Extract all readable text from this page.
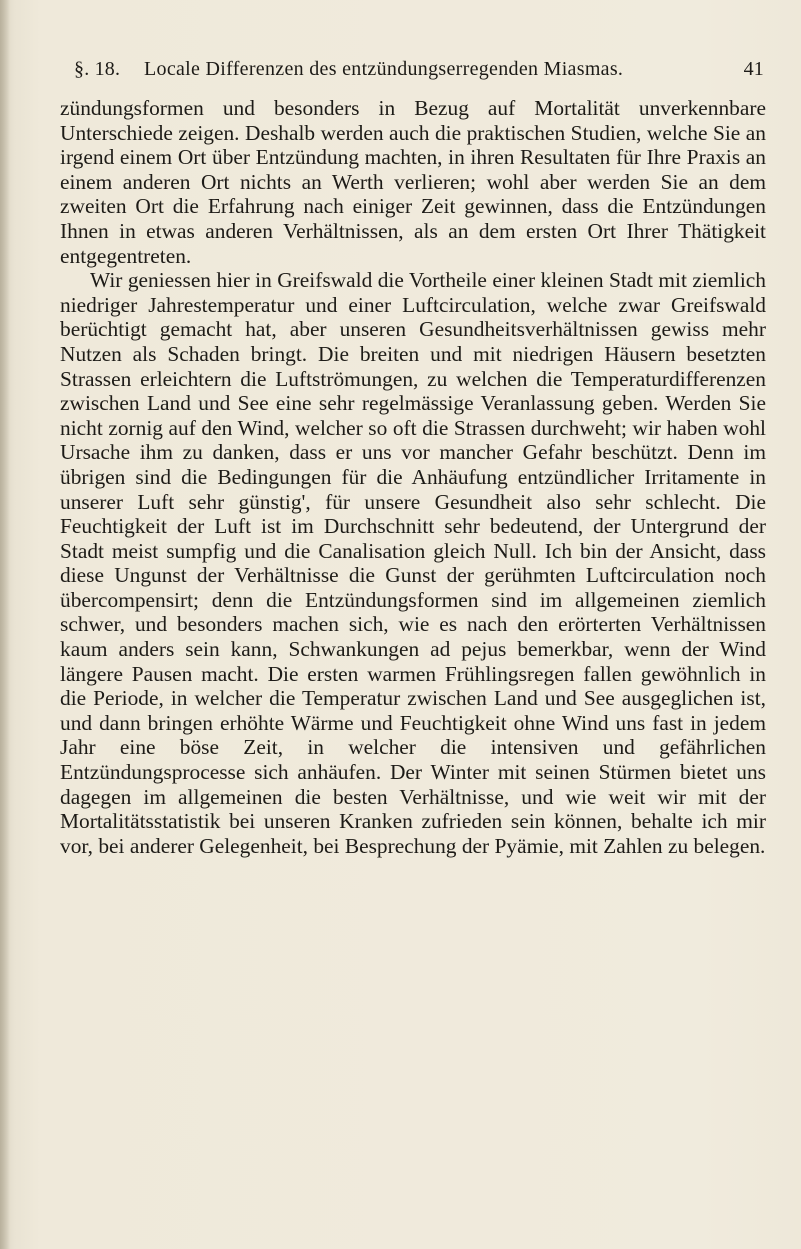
§. 18. Locale Differenzen des entzündungserregenden Miasmas.	41

zündungsformen und besonders in Bezug auf Mortalität unverkennbare Unterschiede zeigen. Deshalb werden auch die praktischen Studien, welche Sie an irgend einem Ort über Entzündung machten, in ihren Resultaten für Ihre Praxis an einem anderen Ort nichts an Werth verlieren; wohl aber werden Sie an dem zweiten Ort die Erfahrung nach einiger Zeit gewinnen, dass die Entzündungen Ihnen in etwas anderen Verhältnissen, als an dem ersten Ort Ihrer Thätigkeit entgegentreten.

Wir geniessen hier in Greifswald die Vortheile einer kleinen Stadt mit ziemlich niedriger Jahrestemperatur und einer Luftcirculation, welche zwar Greifswald berüchtigt gemacht hat, aber unseren Gesundheitsverhältnissen gewiss mehr Nutzen als Schaden bringt. Die breiten und mit niedrigen Häusern besetzten Strassen erleichtern die Luftströmungen, zu welchen die Temperaturdifferenzen zwischen Land und See eine sehr regelmässige Veranlassung geben. Werden Sie nicht zornig auf den Wind, welcher so oft die Strassen durchweht; wir haben wohl Ursache ihm zu danken, dass er uns vor mancher Gefahr beschützt. Denn im übrigen sind die Bedingungen für die Anhäufung entzündlicher Irritamente in unserer Luft sehr günstig', für unsere Gesundheit also sehr schlecht. Die Feuchtigkeit der Luft ist im Durchschnitt sehr bedeutend, der Untergrund der Stadt meist sumpfig und die Canalisation gleich Null. Ich bin der Ansicht, dass diese Ungunst der Verhältnisse die Gunst der gerühmten Luftcirculation noch übercompensirt; denn die Entzündungsformen sind im allgemeinen ziemlich schwer, und besonders machen sich, wie es nach den erörterten Verhältnissen kaum anders sein kann, Schwankungen ad pejus bemerkbar, wenn der Wind längere Pausen macht. Die ersten warmen Frühlingsregen fallen gewöhnlich in die Periode, in welcher die Temperatur zwischen Land und See ausgeglichen ist, und dann bringen erhöhte Wärme und Feuchtigkeit ohne Wind uns fast in jedem Jahr eine böse Zeit, in welcher die intensiven und gefährlichen Entzündungsprocesse sich anhäufen. Der Winter mit seinen Stürmen bietet uns dagegen im allgemeinen die besten Verhältnisse, und wie weit wir mit der Mortalitätsstatistik bei unseren Kranken zufrieden sein können, behalte ich mir vor, bei anderer Gelegenheit, bei Besprechung der Pyämie, mit Zahlen zu belegen.
